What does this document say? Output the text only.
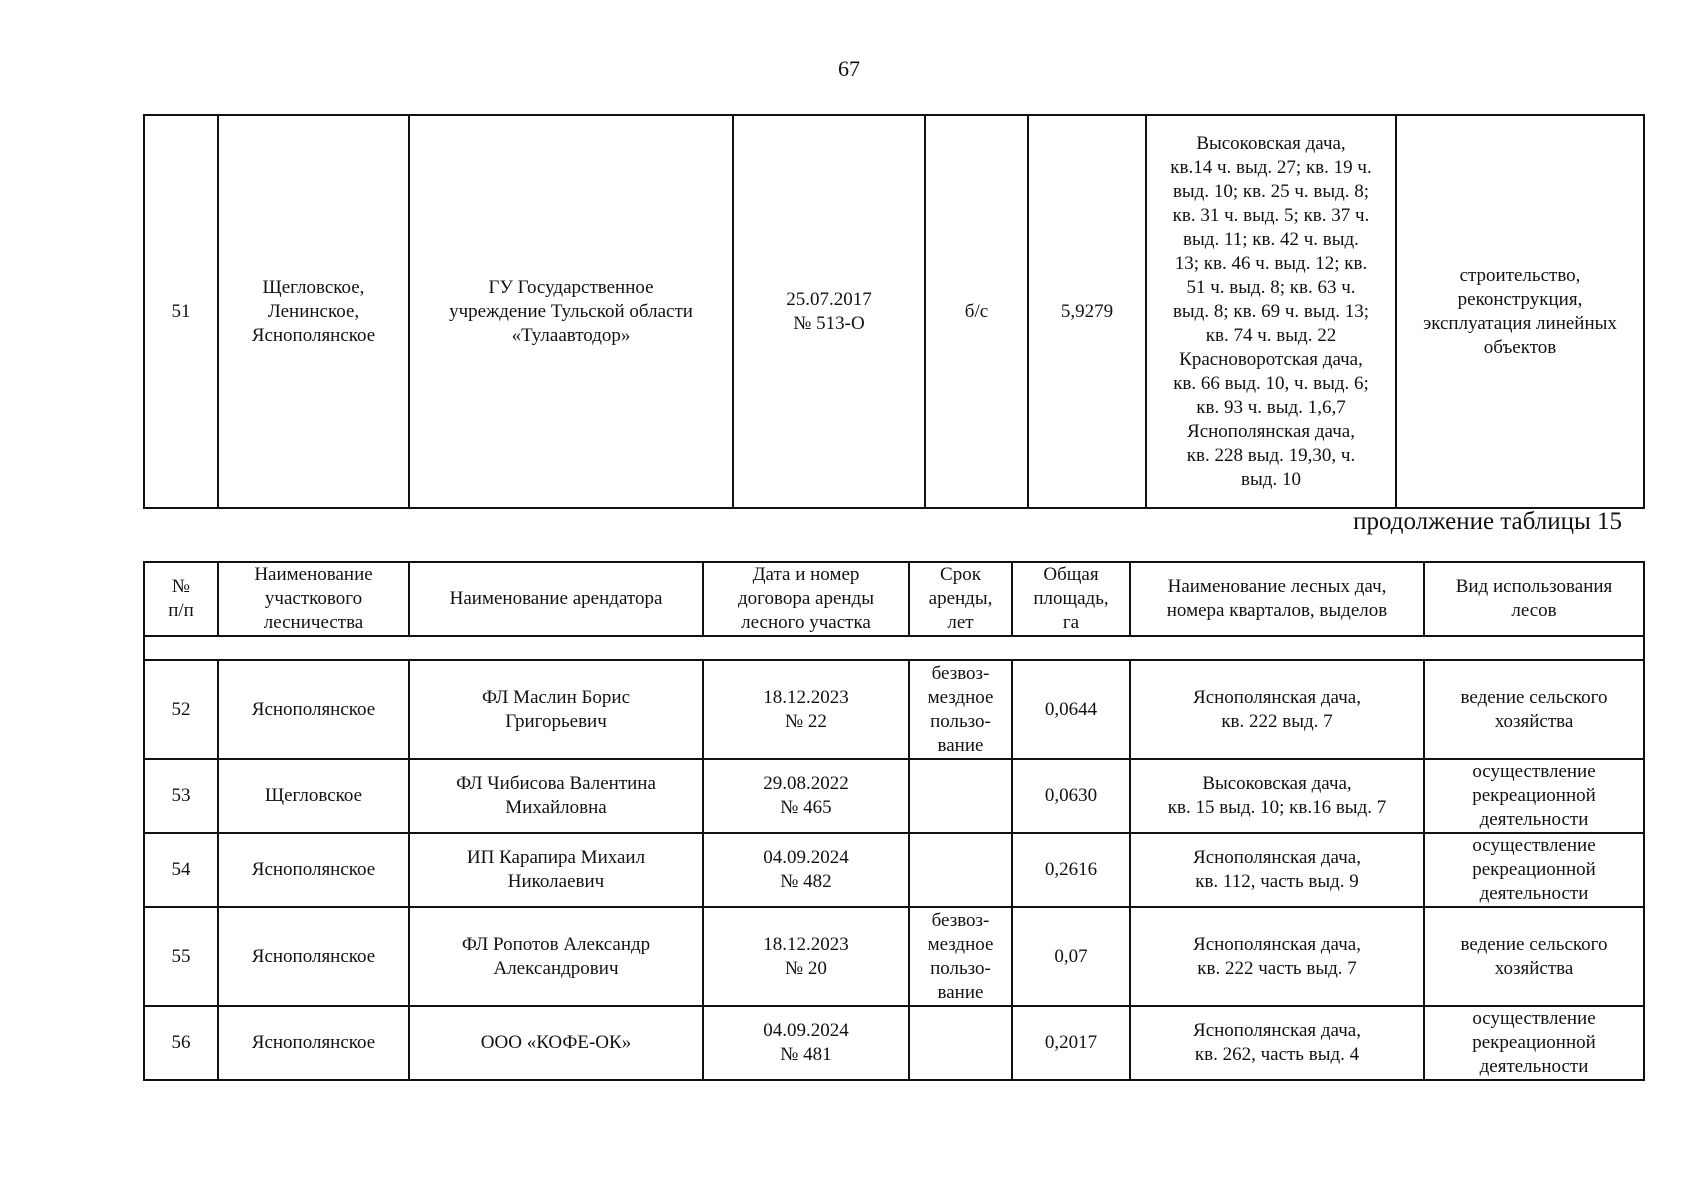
67
51	Щегловское,
Ленинское,
Яснополянское	ГУ Государственное
учреждение Тульской области
«Тулаавтодор»	25.07.2017
№ 513-О	б/с	5,9279	Высоковская дача,
кв.14 ч. выд. 27; кв. 19 ч.
выд. 10; кв. 25 ч. выд. 8;
кв. 31 ч. выд. 5; кв. 37 ч.
выд. 11; кв. 42 ч. выд.
13; кв. 46 ч. выд. 12; кв.
51 ч. выд. 8; кв. 63 ч.
выд. 8; кв. 69 ч. выд. 13;
кв. 74 ч. выд. 22
Красноворотская дача,
кв. 66 выд. 10, ч. выд. 6;
кв. 93 ч. выд. 1,6,7
Яснополянская дача,
кв. 228 выд. 19,30, ч.
выд. 10	строительство,
реконструкция,
эксплуатация линейных
объектов
продолжение таблицы 15
№
п/п	Наименование
участкового
лесничества	Наименование арендатора	Дата и номер
договора аренды
лесного участка	Срок
аренды,
лет	Общая
площадь,
га	Наименование лесных дач,
номера кварталов, выделов	Вид использования
лесов

52	Яснополянское	ФЛ Маслин Борис
Григорьевич	18.12.2023
№ 22	безвоз-
мездное
пользо-
вание	0,0644	Яснополянская дача,
кв. 222 выд. 7	ведение сельского
хозяйства
53	Щегловское	ФЛ Чибисова Валентина
Михайловна	29.08.2022
№ 465		0,0630	Высоковская дача,
кв. 15 выд. 10; кв.16 выд. 7	осуществление
рекреационной
деятельности
54	Яснополянское	ИП Карапира Михаил
Николаевич	04.09.2024
№ 482		0,2616	Яснополянская дача,
кв. 112, часть выд. 9	осуществление
рекреационной
деятельности
55	Яснополянское	ФЛ Ропотов Александр
Александрович	18.12.2023
№ 20	безвоз-
мездное
пользо-
вание	0,07	Яснополянская дача,
кв. 222 часть выд. 7	ведение сельского
хозяйства
56	Яснополянское	ООО «КОФЕ-ОК»	04.09.2024
№ 481		0,2017	Яснополянская дача,
кв. 262, часть выд. 4	осуществление
рекреационной
деятельности
